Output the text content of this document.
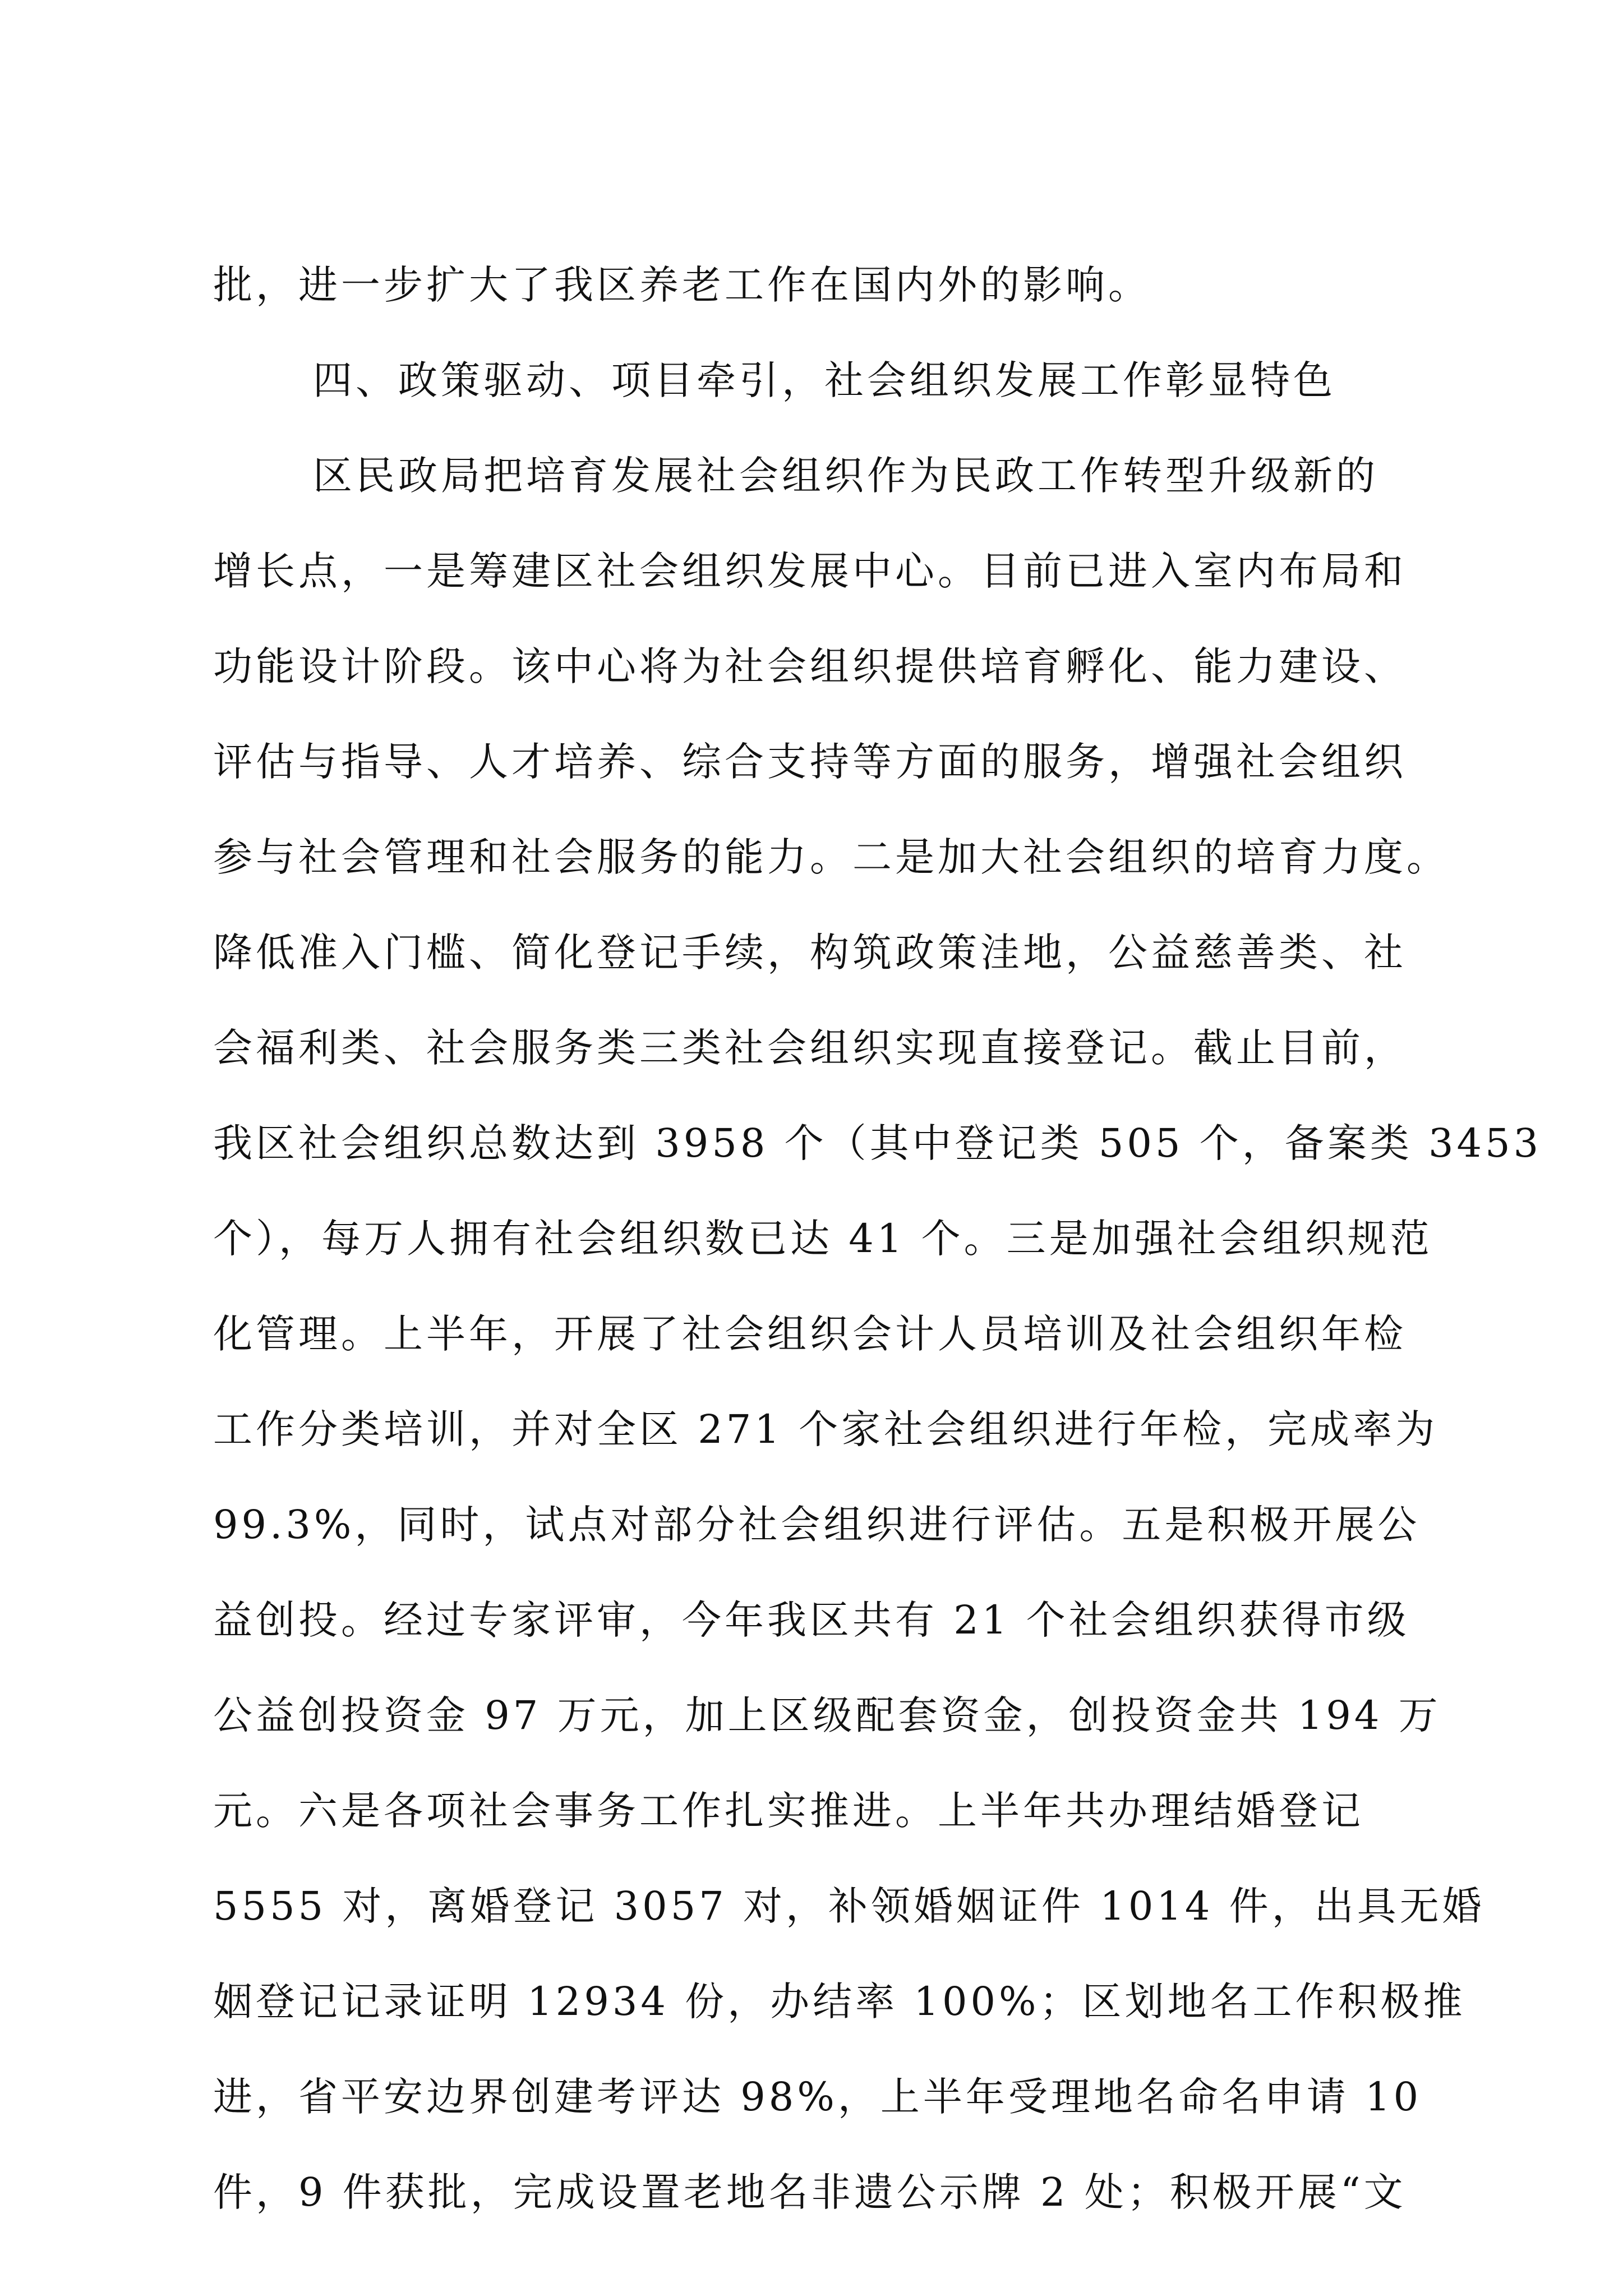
批，进一步扩大了我区养老工作在国内外的影响。
四、政策驱动、项目牵引，社会组织发展工作彰显特色
区民政局把培育发展社会组织作为民政工作转型升级新的
增长点，一是筹建区社会组织发展中心。目前已进入室内布局和
功能设计阶段。该中心将为社会组织提供培育孵化、能力建设、
评估与指导、人才培养、综合支持等方面的服务，增强社会组织
参与社会管理和社会服务的能力。二是加大社会组织的培育力度。
降低准入门槛、简化登记手续，构筑政策洼地，公益慈善类、社
会福利类、社会服务类三类社会组织实现直接登记。截止目前，
我区社会组织总数达到 3958 个（其中登记类 505 个，备案类 3453
个），每万人拥有社会组织数已达 41 个。三是加强社会组织规范
化管理。上半年，开展了社会组织会计人员培训及社会组织年检
工作分类培训，并对全区 271 个家社会组织进行年检，完成率为
99.3%，同时，试点对部分社会组织进行评估。五是积极开展公
益创投。经过专家评审，今年我区共有 21 个社会组织获得市级
公益创投资金 97 万元，加上区级配套资金，创投资金共 194 万
元。六是各项社会事务工作扎实推进。上半年共办理结婚登记
5555 对，离婚登记 3057 对，补领婚姻证件 1014 件，出具无婚
姻登记记录证明 12934 份，办结率 100%；区划地名工作积极推
进，省平安边界创建考评达 98%，上半年受理地名命名申请 10
件，9 件获批，完成设置老地名非遗公示牌 2 处；积极开展“文
